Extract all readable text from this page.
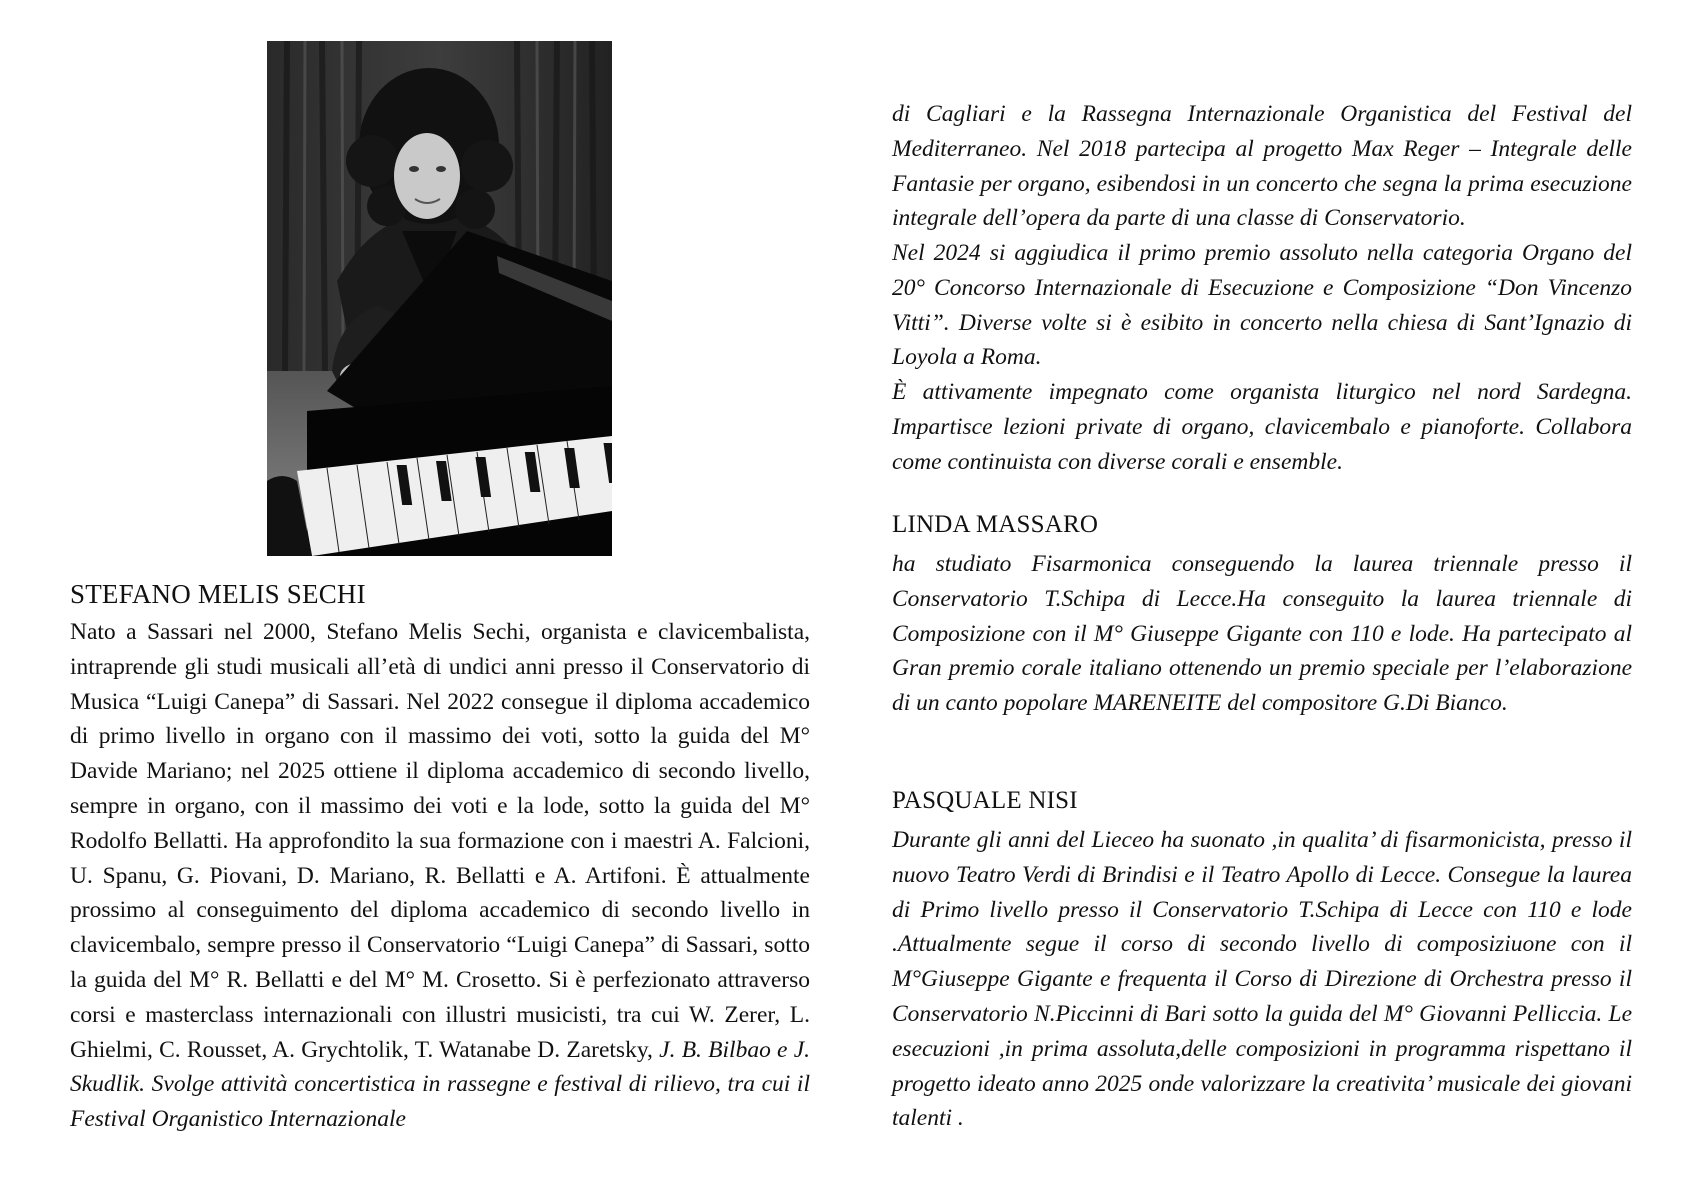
STEFANO MELIS SECHI

Nato a Sassari nel 2000, Stefano Melis Sechi, organista e clavicembalista, intraprende gli studi musicali all’età di undici anni presso il Conservatorio di Musica “Luigi Canepa” di Sassari. Nel 2022 consegue il diploma accademico di primo livello in organo con il massimo dei voti, sotto la guida del M° Davide Mariano; nel 2025 ottiene il diploma accademico di secondo livello, sempre in organo, con il massimo dei voti e la lode, sotto la guida del M° Rodolfo Bellatti. Ha approfondito la sua formazione con i maestri A. Falcioni, U. Spanu, G. Piovani, D. Mariano, R. Bellatti e A. Artifoni. È attualmente prossimo al conseguimento del diploma accademico di secondo livello in clavicembalo, sempre presso il Conservatorio “Luigi Canepa” di Sassari, sotto la guida del M° R. Bellatti e del M° M. Crosetto. Si è perfezionato attraverso corsi e masterclass internazionali con illustri musicisti, tra cui W. Zerer, L. Ghielmi, C. Rousset, A. Grychtolik, T. Watanabe D. Zaretsky, J. B. Bilbao e J. Skudlik. Svolge attività concertistica in rassegne e festival di rilievo, tra cui il Festival Organistico Internazionale

di Cagliari e la Rassegna Internazionale Organistica del Festival del Mediterraneo. Nel 2018 partecipa al progetto Max Reger – Integrale delle Fantasie per organo, esibendosi in un concerto che segna la prima esecuzione integrale dell’opera da parte di una classe di Conservatorio.

Nel 2024 si aggiudica il primo premio assoluto nella categoria Organo del 20° Concorso Internazionale di Esecuzione e Composizione “Don Vincenzo Vitti”. Diverse volte si è esibito in concerto nella chiesa di Sant’Ignazio di Loyola a Roma.

È attivamente impegnato come organista liturgico nel nord Sardegna. Impartisce lezioni private di organo, clavicembalo e pianoforte. Collabora come continuista con diverse corali e ensemble.

LINDA MASSARO

ha studiato Fisarmonica conseguendo la laurea triennale presso il Conservatorio T.Schipa di Lecce.Ha conseguito la laurea triennale di Composizione con il M° Giuseppe Gigante con 110 e lode. Ha partecipato al Gran premio corale italiano ottenendo un premio speciale per l’elaborazione di un canto popolare MARENEITE del compositore G.Di Bianco.

PASQUALE NISI

Durante gli anni del Lieceo ha suonato ,in qualita’ di fisarmonicista, presso il nuovo Teatro Verdi di Brindisi e il Teatro Apollo di Lecce. Consegue la laurea di Primo livello presso il Conservatorio T.Schipa di Lecce con 110 e lode .Attualmente segue il corso di secondo livello di composiziuone con il M°Giuseppe Gigante e frequenta il Corso di Direzione di Orchestra presso il Conservatorio N.Piccinni di Bari sotto la guida del M° Giovanni Pelliccia. Le esecuzioni ,in prima assoluta,delle composizioni in programma rispettano il progetto ideato anno 2025 onde valorizzare la creativita’ musicale dei giovani talenti .
